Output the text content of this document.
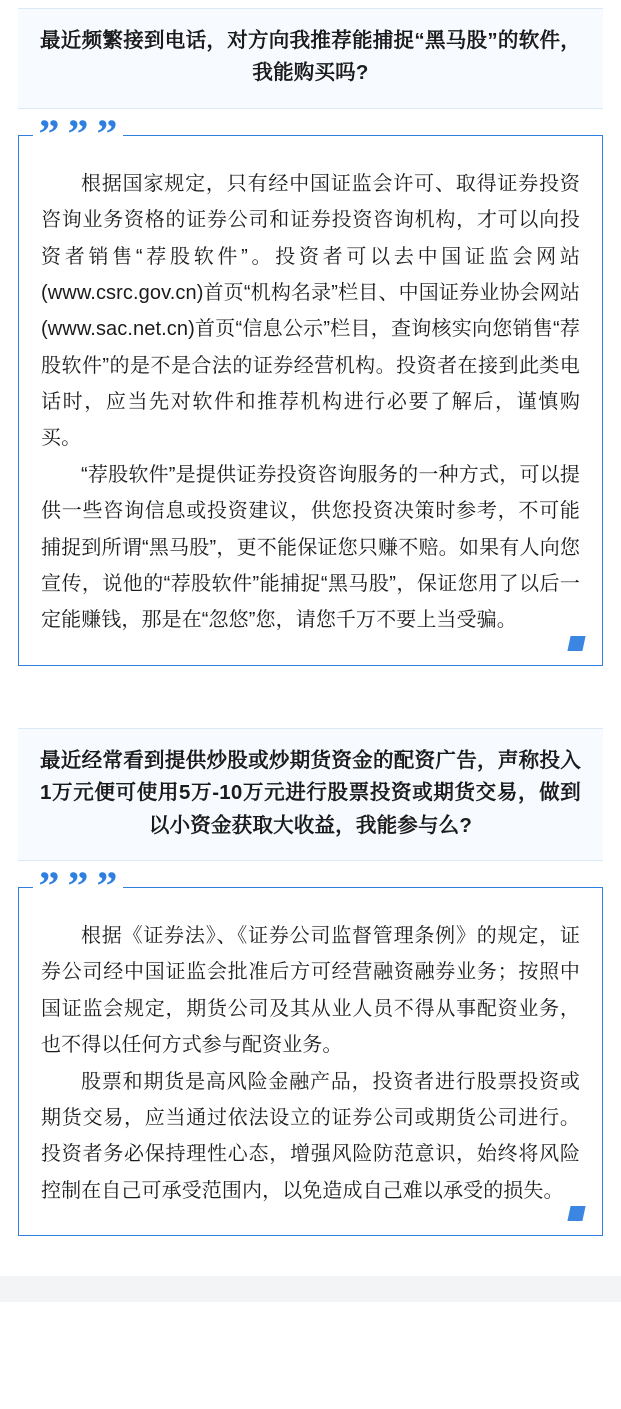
最近频繁接到电话，对方向我推荐能捕捉“黑马股”的软件，我能购买吗?
” ” ”

根据国家规定，只有经中国证监会许可、取得证券投资咨询业务资格的证券公司和证券投资咨询机构，才可以向投资者销售“荐股软件”。投资者可以去中国证监会网站(www.csrc.gov.cn)首页“机构名录”栏目、中国证券业协会网站(www.sac.net.cn)首页“信息公示”栏目，查询核实向您销售“荐股软件”的是不是合法的证券经营机构。投资者在接到此类电话时，应当先对软件和推荐机构进行必要了解后，谨慎购买。

“荐股软件”是提供证券投资咨询服务的一种方式，可以提供一些咨询信息或投资建议，供您投资决策时参考，不可能捕捉到所谓“黑马股”，更不能保证您只赚不赔。如果有人向您宣传，说他的“荐股软件”能捕捉“黑马股”，保证您用了以后一定能赚钱，那是在“忽悠”您，请您千万不要上当受骗。

最近经常看到提供炒股或炒期货资金的配资广告，声称投入1万元便可使用5万-10万元进行股票投资或期货交易，做到以小资金获取大收益，我能参与么?
” ” ”

根据《证券法》、《证券公司监督管理条例》的规定，证券公司经中国证监会批准后方可经营融资融券业务；按照中国证监会规定，期货公司及其从业人员不得从事配资业务，也不得以任何方式参与配资业务。

股票和期货是高风险金融产品，投资者进行股票投资或期货交易，应当通过依法设立的证券公司或期货公司进行。投资者务必保持理性心态，增强风险防范意识，始终将风险控制在自己可承受范围内，以免造成自己难以承受的损失。
